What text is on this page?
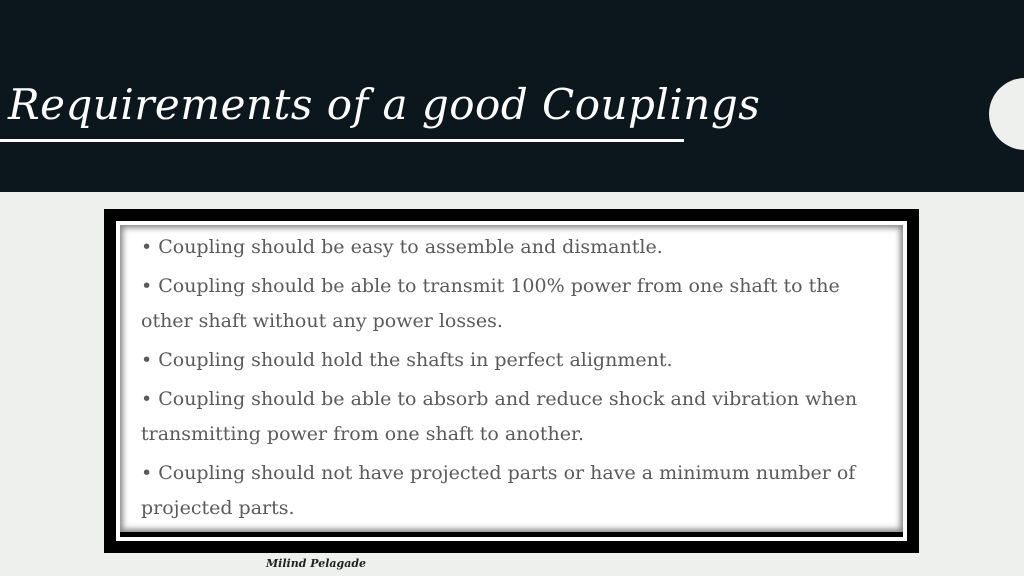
Requirements of a good Couplings
• Coupling should be easy to assemble and dismantle.
• Coupling should be able to transmit 100% power from one shaft to the other shaft without any power losses.
• Coupling should hold the shafts in perfect alignment.
• Coupling should be able to absorb and reduce shock and vibration when transmitting power from one shaft to another.
• Coupling should not have projected parts or have a minimum number of projected parts.
Milind Pelagade
